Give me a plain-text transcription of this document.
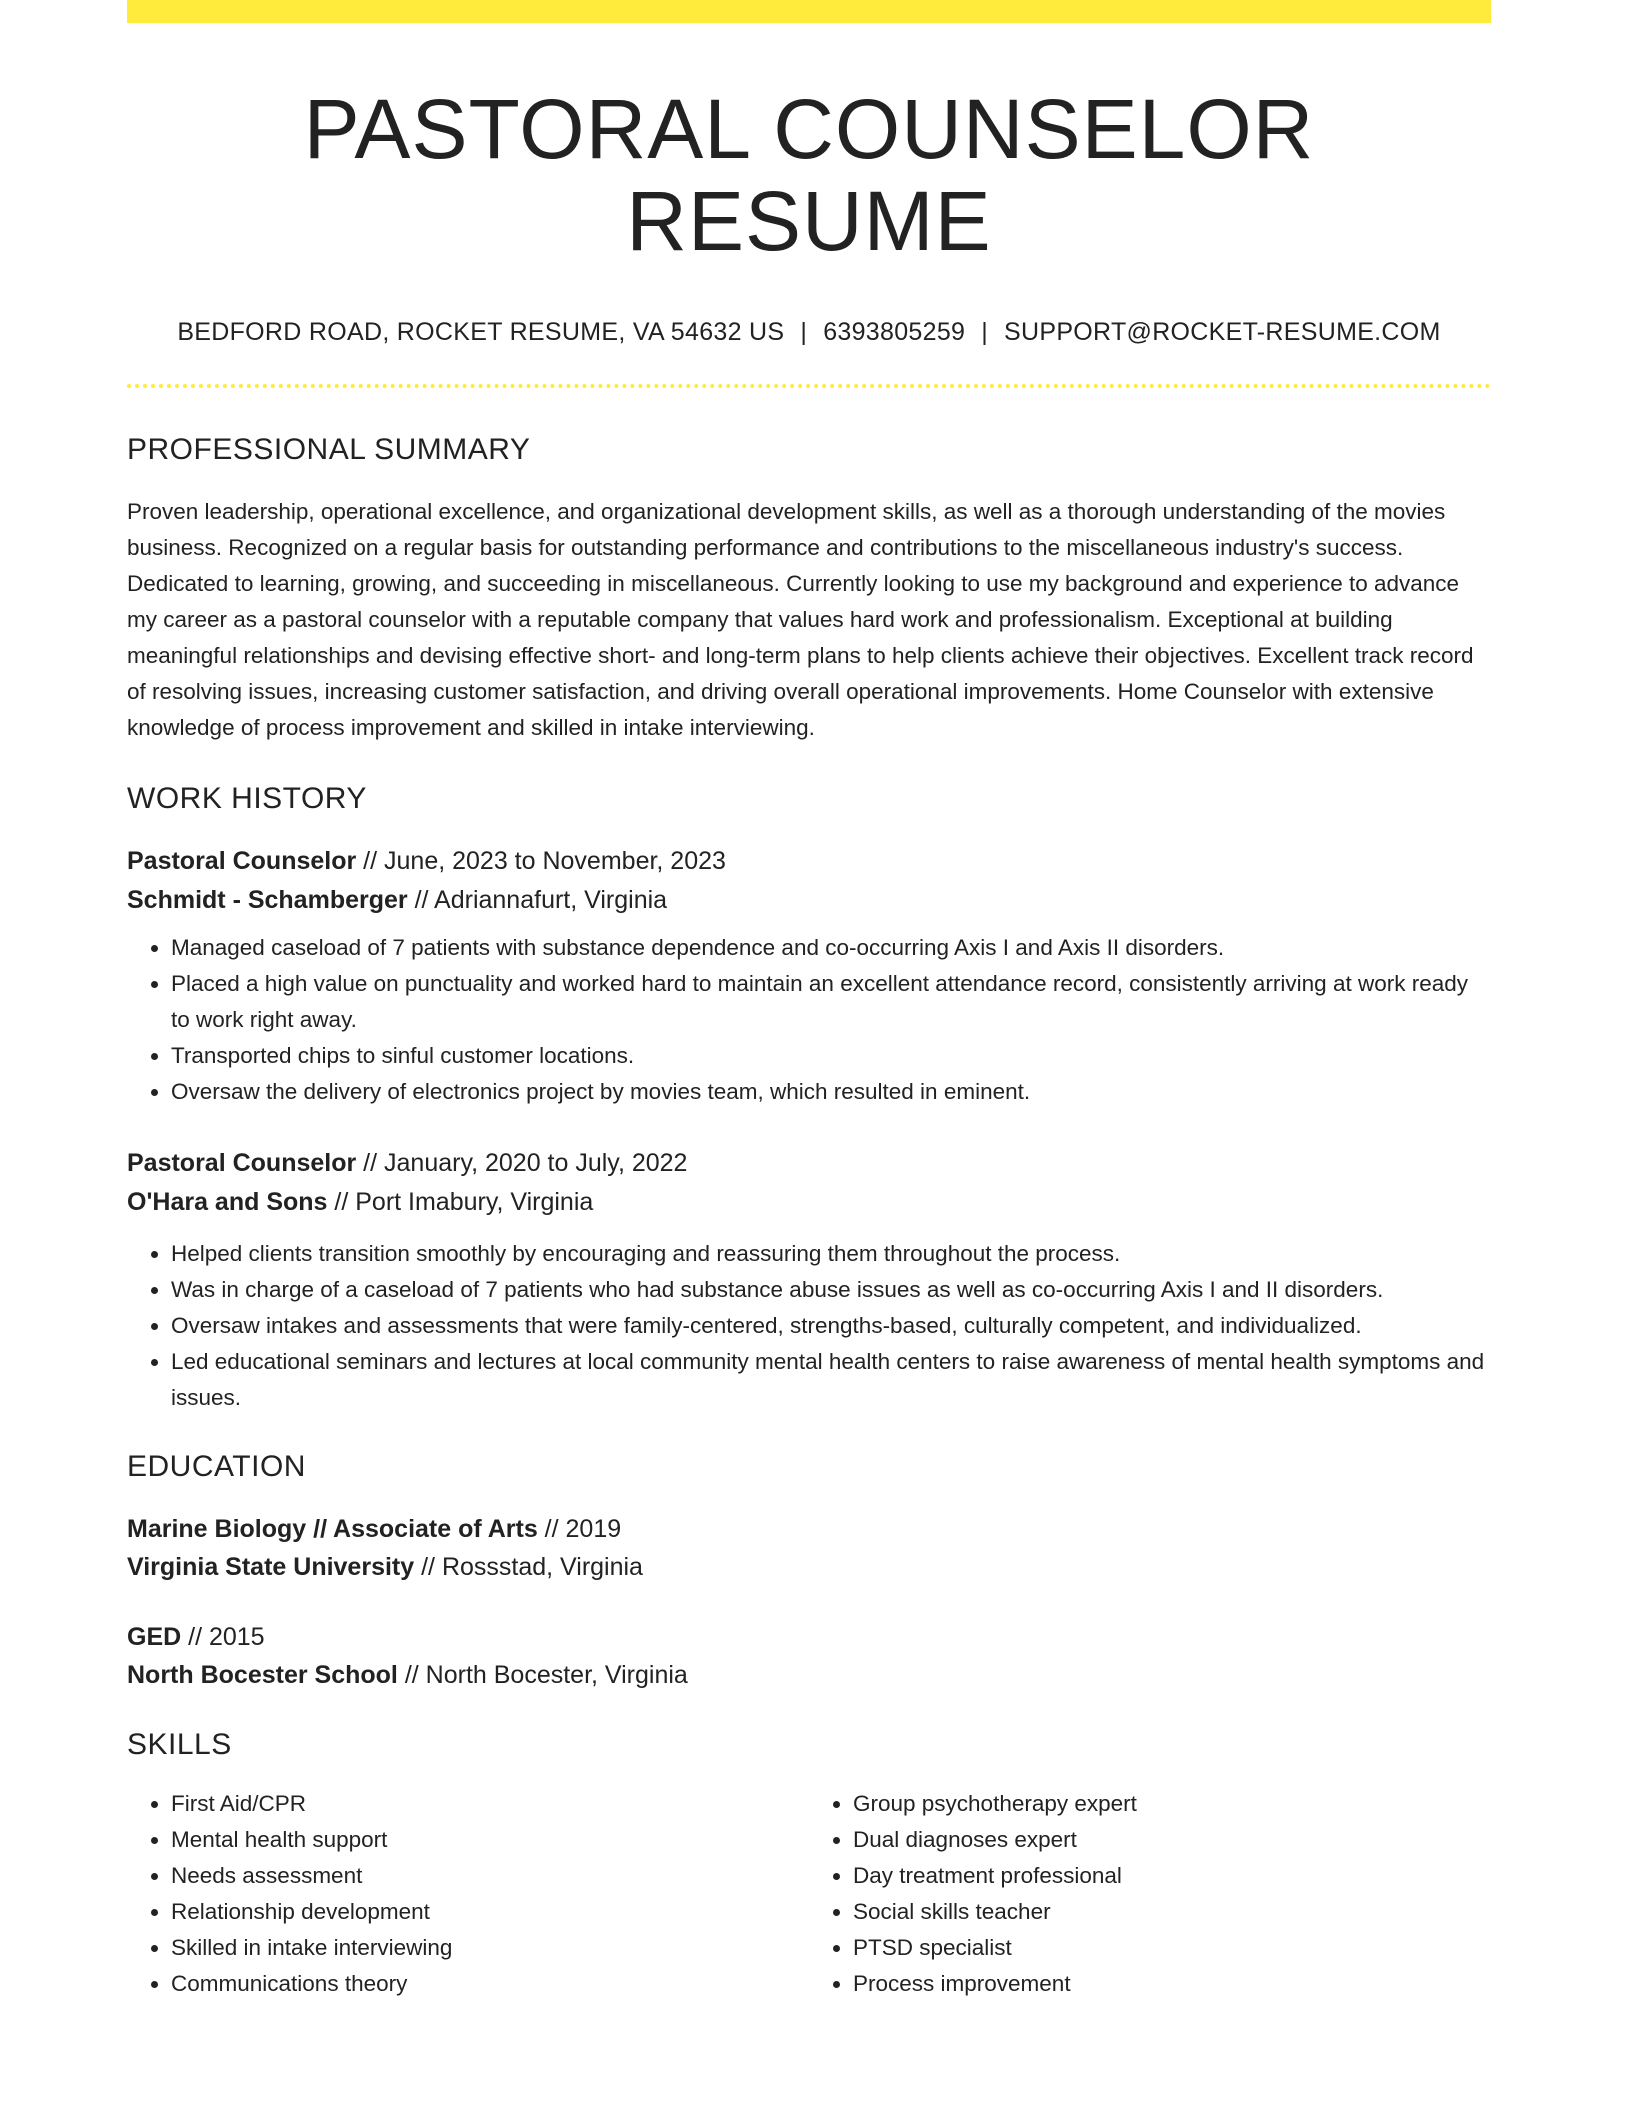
PASTORAL COUNSELOR RESUME
BEDFORD ROAD, ROCKET RESUME, VA 54632 US | 6393805259 | SUPPORT@ROCKET-RESUME.COM
PROFESSIONAL SUMMARY
Proven leadership, operational excellence, and organizational development skills, as well as a thorough understanding of the movies business. Recognized on a regular basis for outstanding performance and contributions to the miscellaneous industry's success. Dedicated to learning, growing, and succeeding in miscellaneous. Currently looking to use my background and experience to advance my career as a pastoral counselor with a reputable company that values hard work and professionalism. Exceptional at building meaningful relationships and devising effective short- and long-term plans to help clients achieve their objectives. Excellent track record of resolving issues, increasing customer satisfaction, and driving overall operational improvements. Home Counselor with extensive knowledge of process improvement and skilled in intake interviewing.
WORK HISTORY
Pastoral Counselor // June, 2023 to November, 2023
Schmidt - Schamberger // Adriannafurt, Virginia
• Managed caseload of 7 patients with substance dependence and co-occurring Axis I and Axis II disorders.
• Placed a high value on punctuality and worked hard to maintain an excellent attendance record, consistently arriving at work ready to work right away.
• Transported chips to sinful customer locations.
• Oversaw the delivery of electronics project by movies team, which resulted in eminent.
Pastoral Counselor // January, 2020 to July, 2022
O'Hara and Sons // Port Imabury, Virginia
• Helped clients transition smoothly by encouraging and reassuring them throughout the process.
• Was in charge of a caseload of 7 patients who had substance abuse issues as well as co-occurring Axis I and II disorders.
• Oversaw intakes and assessments that were family-centered, strengths-based, culturally competent, and individualized.
• Led educational seminars and lectures at local community mental health centers to raise awareness of mental health symptoms and issues.
EDUCATION
Marine Biology // Associate of Arts // 2019
Virginia State University // Rossstad, Virginia
GED // 2015
North Bocester School // North Bocester, Virginia
SKILLS
• First Aid/CPR
• Mental health support
• Needs assessment
• Relationship development
• Skilled in intake interviewing
• Communications theory
• Group psychotherapy expert
• Dual diagnoses expert
• Day treatment professional
• Social skills teacher
• PTSD specialist
• Process improvement
